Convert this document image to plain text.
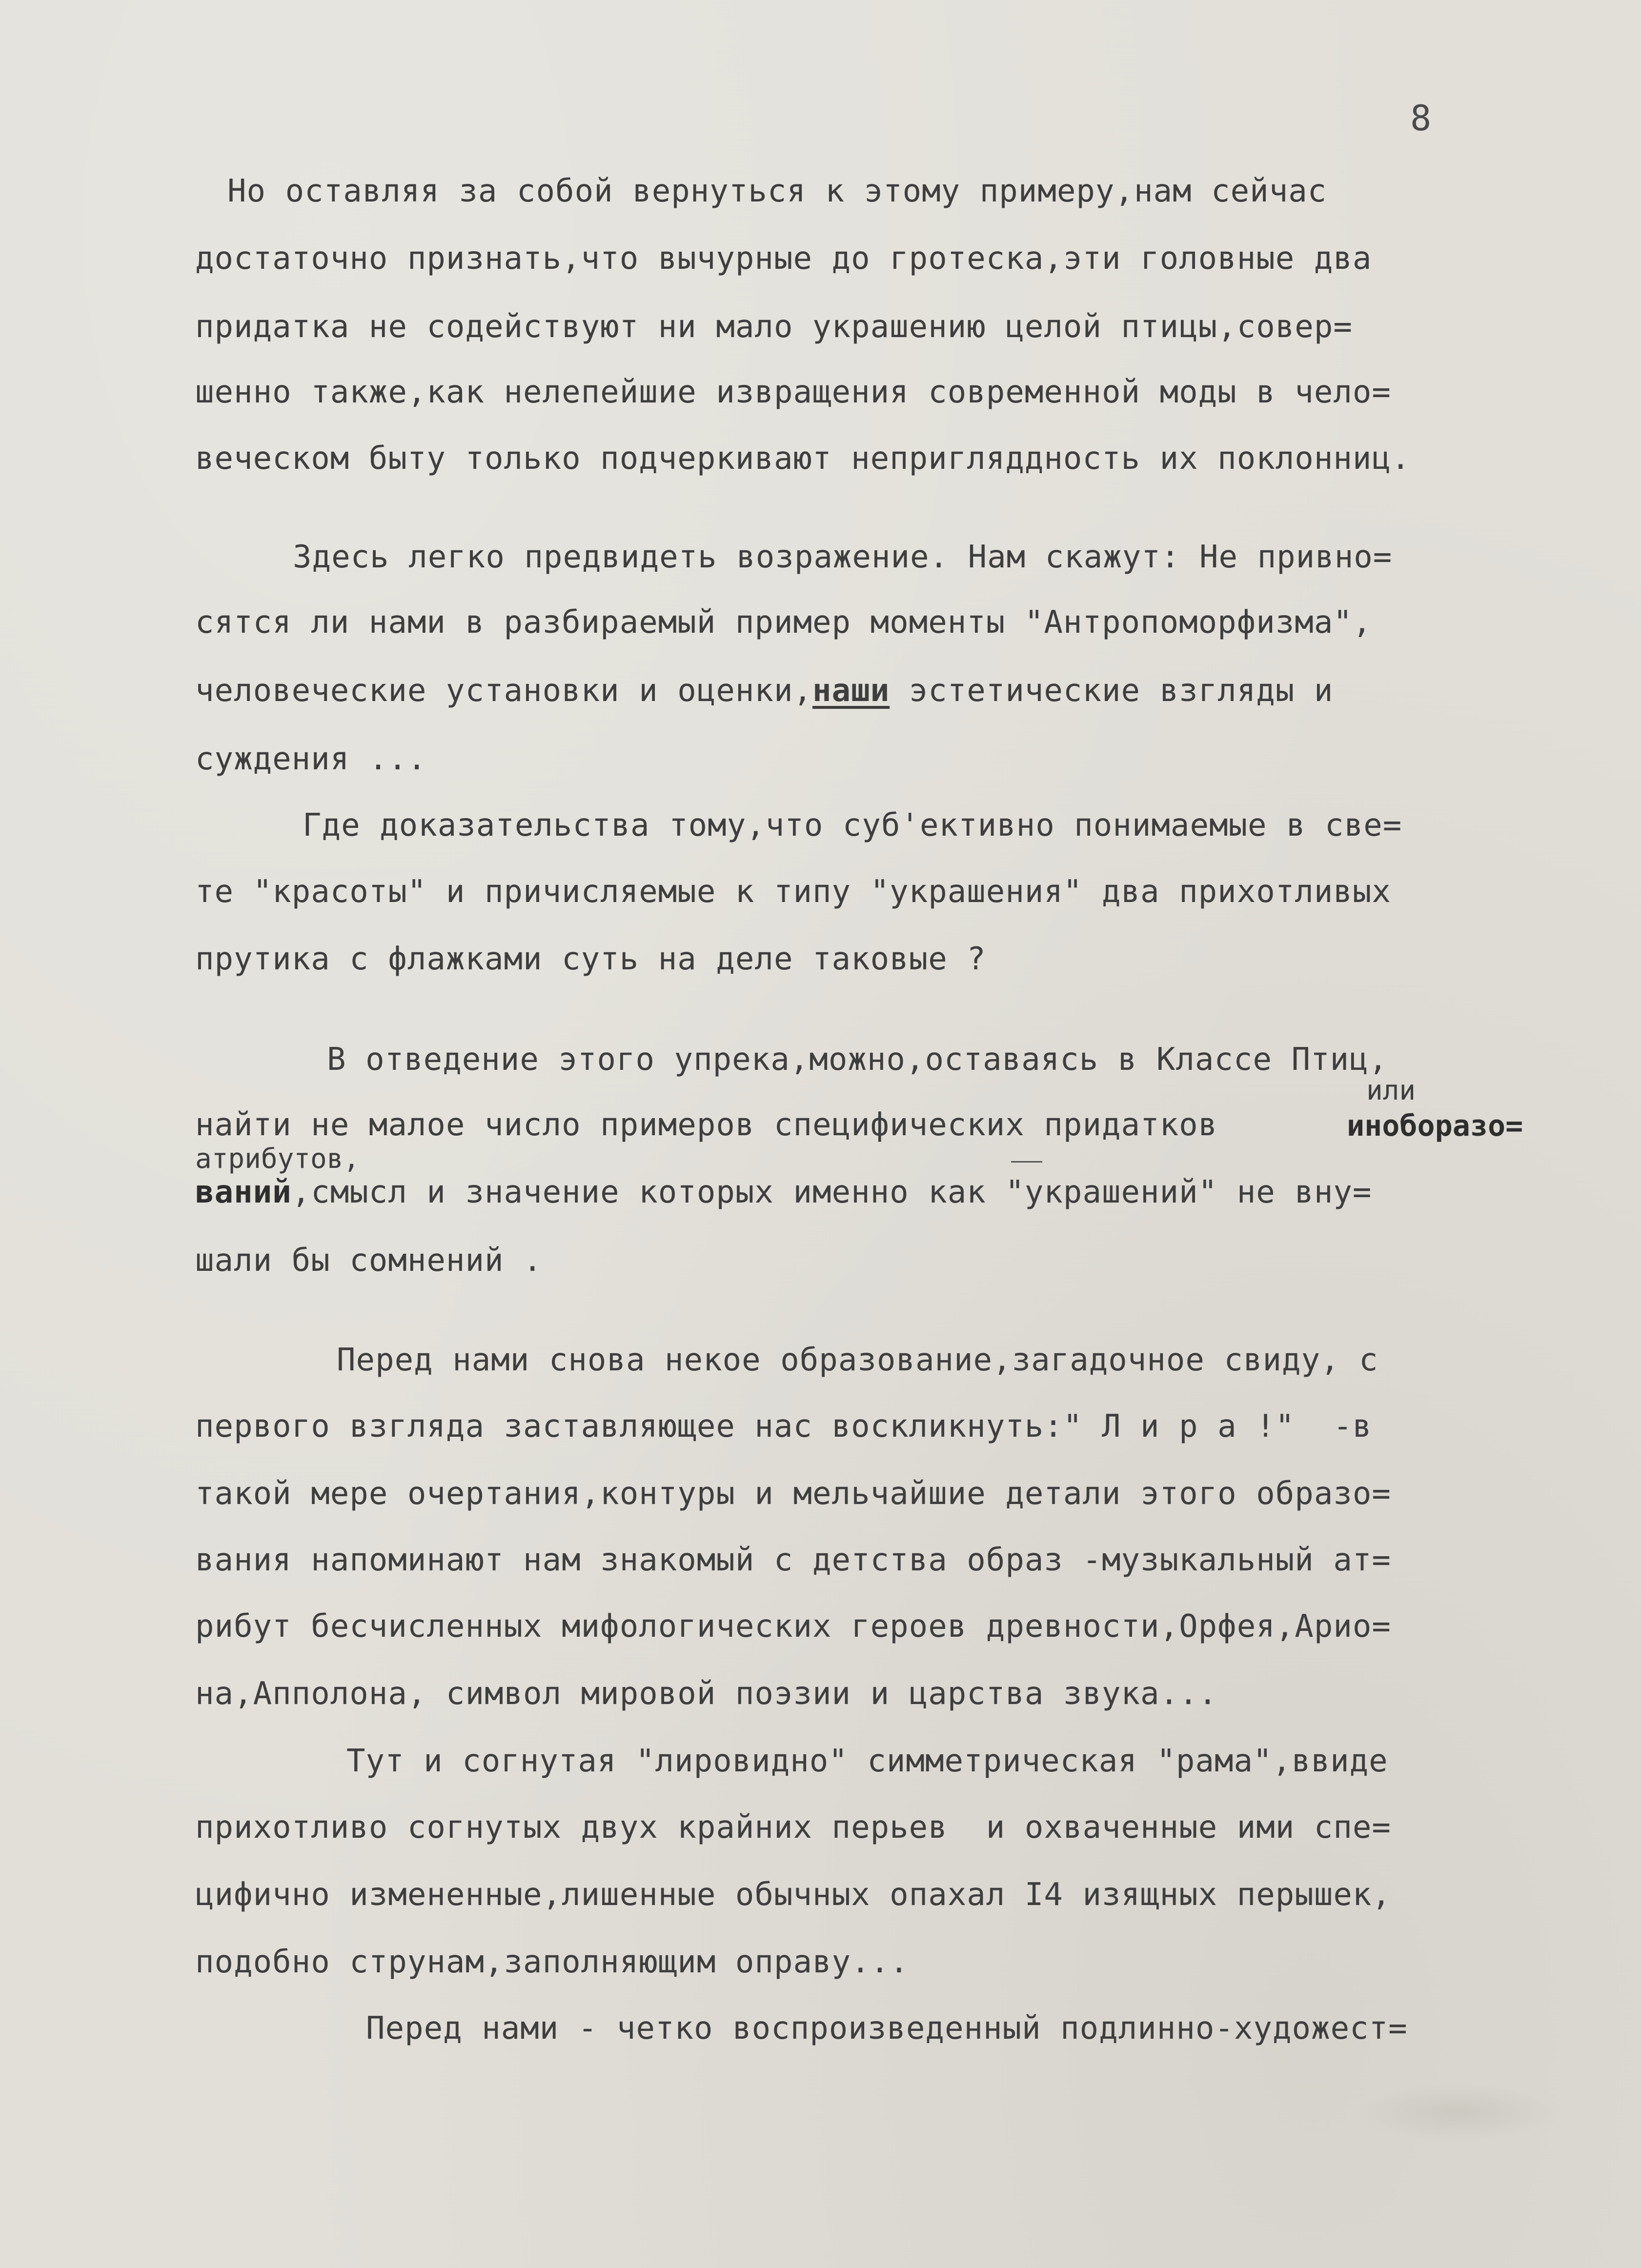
8
Но оставляя за собой вернуться к этому примеру,нам сейчас
достаточно признать,что вычурные до гротеска,эти головные два
придатка не содействуют ни мало украшению целой птицы,совер=
шенно также,как нелепейшие извращения современной моды в чело=
веческом быту только подчеркивают непригляддность их поклонниц.
Здесь легко предвидеть возражение. Нам скажут: Не привно=
сятся ли нами в разбираемый пример моменты "Антропоморфизма",
человеческие установки и оценки,наши эстетические взгляды и
суждения ...
Где доказательства тому,что суб'ективно понимаемые в све=
те "красоты" и причисляемые к типу "украшения" два прихотливых
прутика с флажками суть на деле таковые ?
В отведение этого упрека,можно,оставаясь в Классе Птиц,
или
найти не малое число примеров специфических придатков	иноборазо=
атрибутов,
ваний,смысл и значение которых именно как "украшений" не вну=
шали бы сомнений .
Перед нами снова некое образование,загадочное свиду, с
первого взгляда заставляющее нас воскликнуть:" Л и р а !"  -в
такой мере очертания,контуры и мельчайшие детали этого образо=
вания напоминают нам знакомый с детства образ -музыкальный ат=
рибут бесчисленных мифологических героев древности,Орфея,Арио=
на,Апполона, символ мировой поэзии и царства звука...
Тут и согнутая "лировидно" симметрическая "рама",ввиде
прихотливо согнутых двух крайних перьев  и охваченные ими спе=
цифично измененные,лишенные обычных опахал I4 изящных перышек,
подобно струнам,заполняющим оправу...
Перед нами - четко воспроизведенный подлинно-художест=
